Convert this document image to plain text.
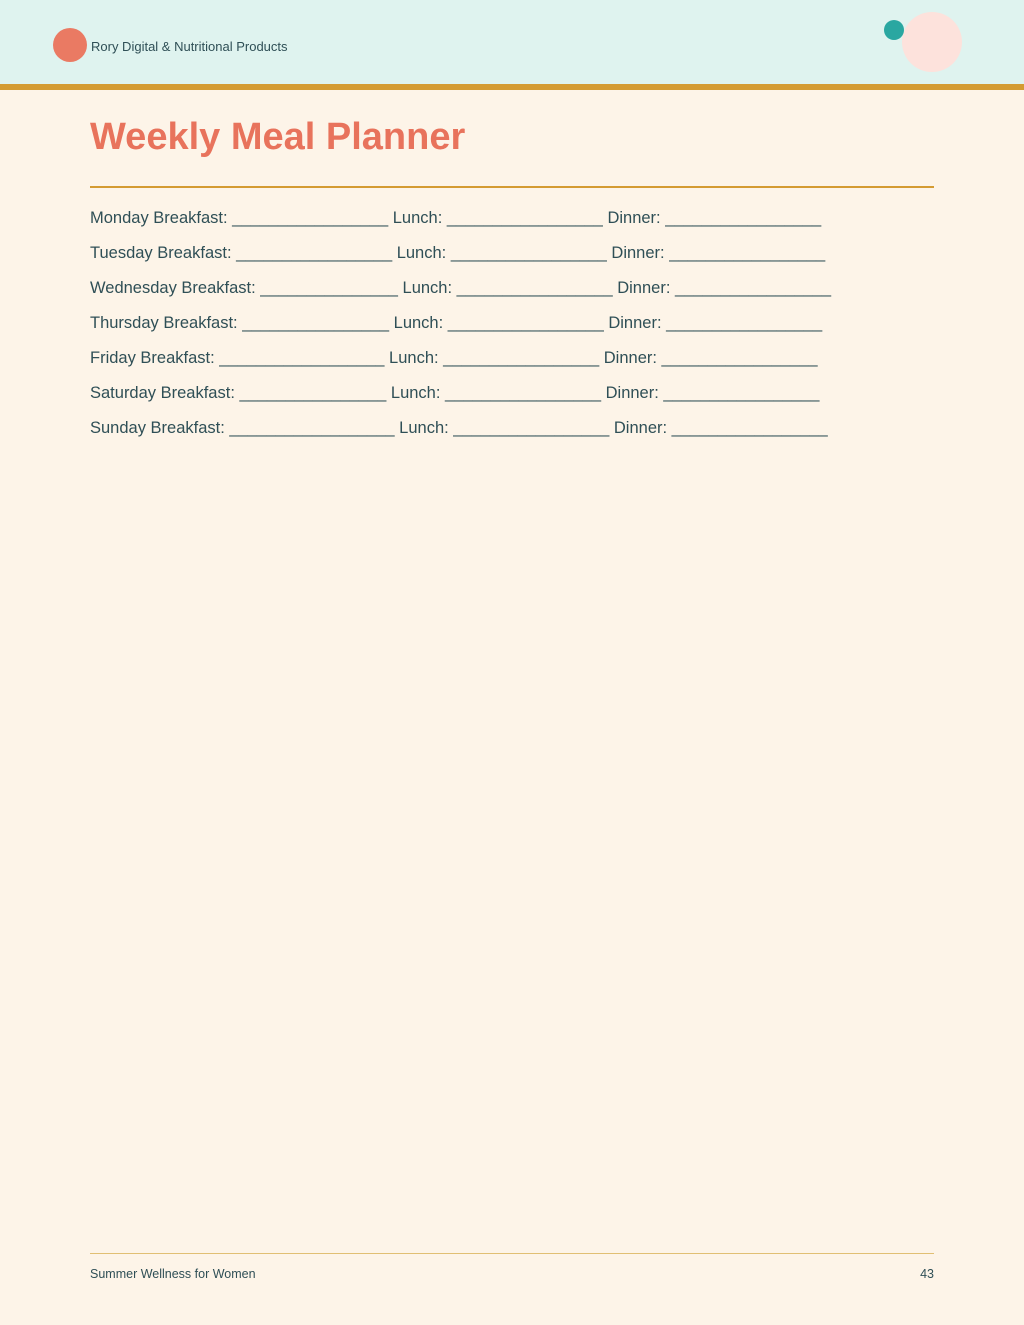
Rory Digital & Nutritional Products
Weekly Meal Planner
Monday Breakfast: _________________ Lunch: _________________ Dinner: _________________
Tuesday Breakfast: _________________ Lunch: _________________ Dinner: _________________
Wednesday Breakfast: _______________ Lunch: _________________ Dinner: _________________
Thursday Breakfast: ________________ Lunch: _________________ Dinner: _________________
Friday Breakfast: __________________ Lunch: _________________ Dinner: _________________
Saturday Breakfast: ________________ Lunch: _________________ Dinner: _________________
Sunday Breakfast: __________________ Lunch: _________________ Dinner: _________________
Summer Wellness for Women	43
